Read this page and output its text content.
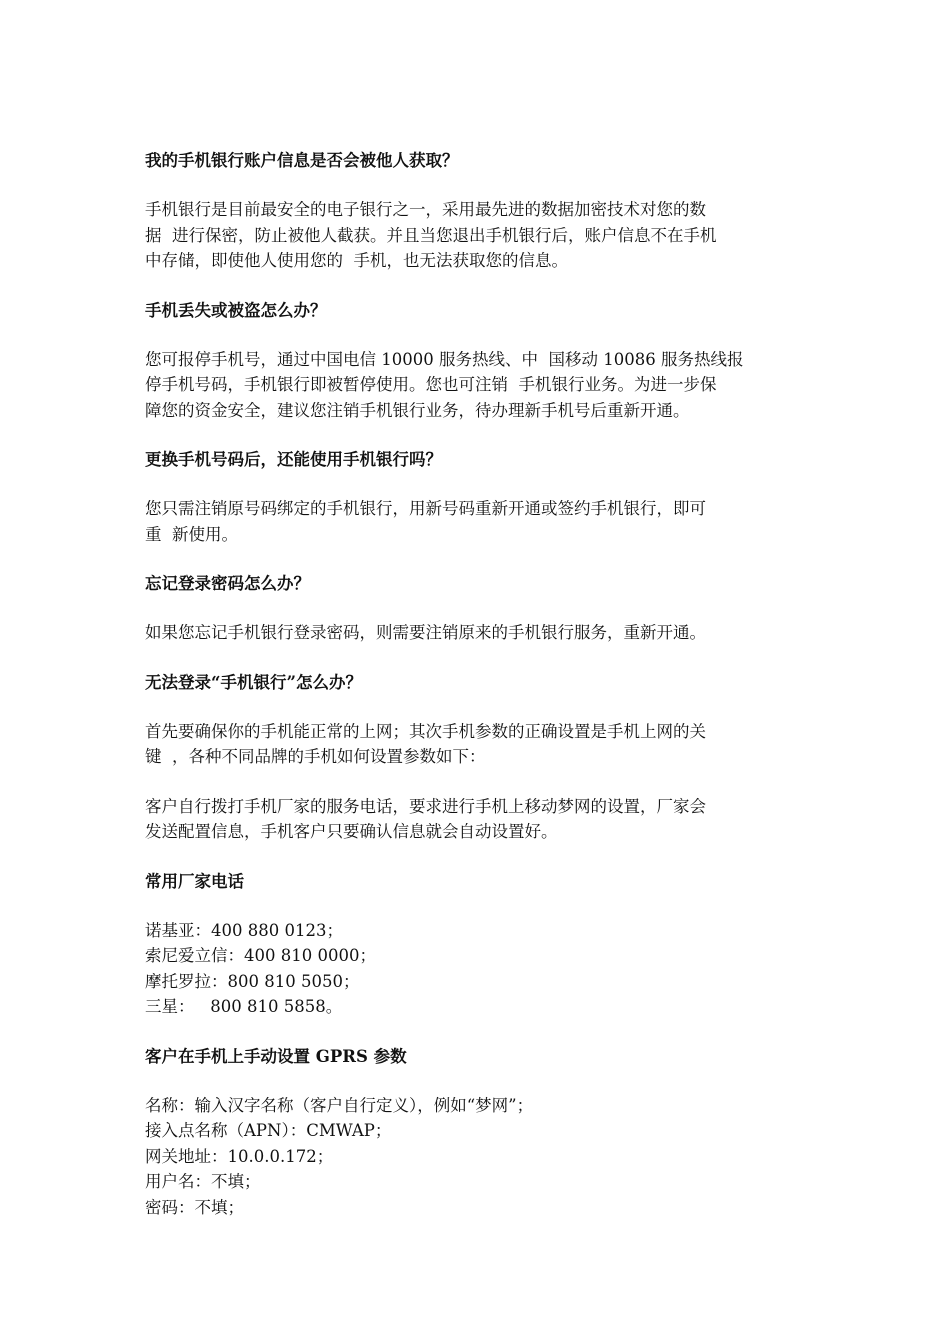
我的手机银行账户信息是否会被他人获取？
手机银行是目前最安全的电子银行之一，采用最先进的数据加密技术对您的数
据  进行保密，防止被他人截获。并且当您退出手机银行后，账户信息不在手机
中存储，即使他人使用您的  手机，也无法获取您的信息。
手机丢失或被盗怎么办？
您可报停手机号，通过中国电信 10000 服务热线、中  国移动 10086 服务热线报
停手机号码，手机银行即被暂停使用。您也可注销  手机银行业务。为进一步保
障您的资金安全，建议您注销手机银行业务，待办理新手机号后重新开通。
更换手机号码后，还能使用手机银行吗？
您只需注销原号码绑定的手机银行，用新号码重新开通或签约手机银行，即可
重  新使用。
忘记登录密码怎么办？
如果您忘记手机银行登录密码，则需要注销原来的手机银行服务，重新开通。
无法登录“手机银行”怎么办？
首先要确保你的手机能正常的上网；其次手机参数的正确设置是手机上网的关
键  ，各种不同品牌的手机如何设置参数如下：
客户自行拨打手机厂家的服务电话，要求进行手机上移动梦网的设置，厂家会
发送配置信息，手机客户只要确认信息就会自动设置好。
常用厂家电话
诺基亚：400 880 0123；
索尼爱立信：400 810 0000；
摩托罗拉：800 810 5050；
三星：   800 810 5858。
客户在手机上手动设置 GPRS 参数
名称：输入汉字名称（客户自行定义），例如“梦网”；
接入点名称（APN）：CMWAP；
网关地址：10.0.0.172；
用户名：不填；
密码：不填；
